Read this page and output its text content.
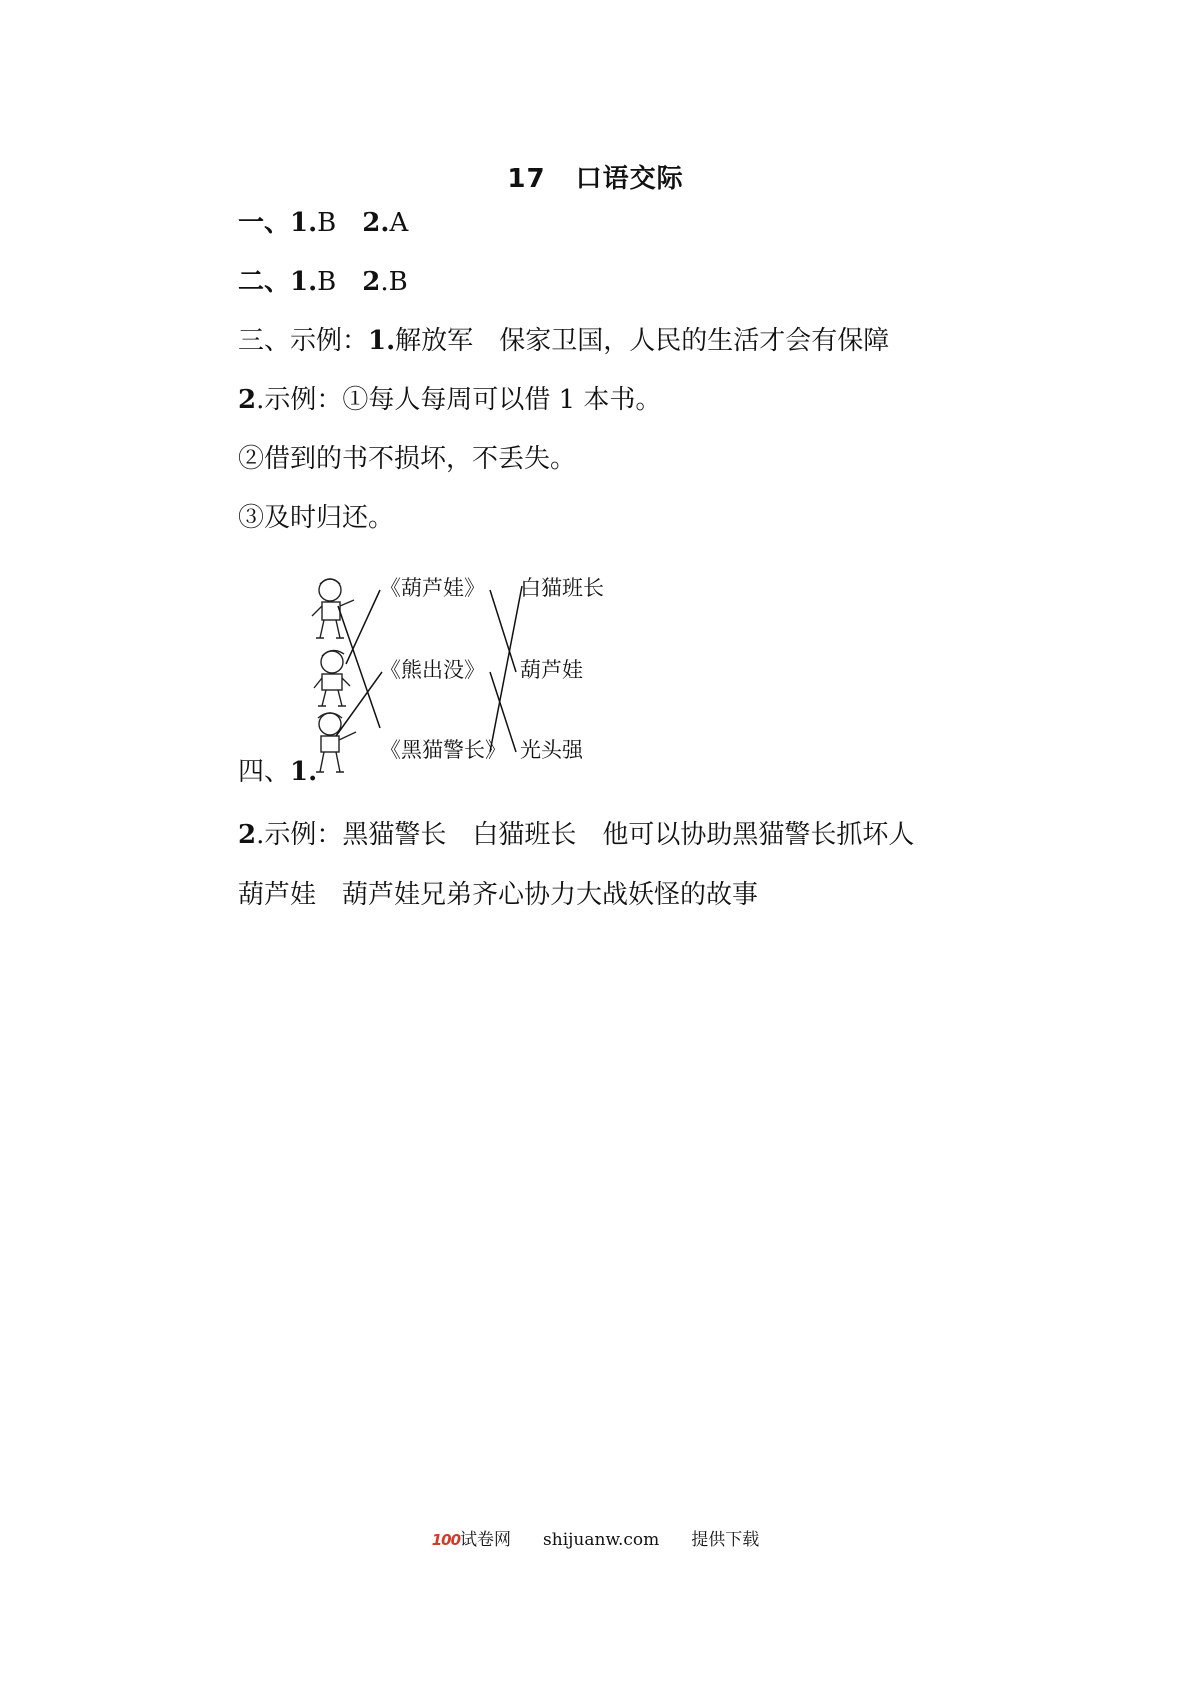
17 口语交际
一、1.B 2.A
二、1.B 2.B
三、示例：1.解放军 保家卫国，人民的生活才会有保障
2.示例：①每人每周可以借 1 本书。
②借到的书不损坏，不丢失。
③及时归还。
《葫芦娃》
《熊出没》
《黑猫警长》
白猫班长
葫芦娃
光头强
四、1.
2.示例：黑猫警长 白猫班长 他可以协助黑猫警长抓坏人
葫芦娃 葫芦娃兄弟齐心协力大战妖怪的故事
100试卷网 shijuanw.com 提供下载
